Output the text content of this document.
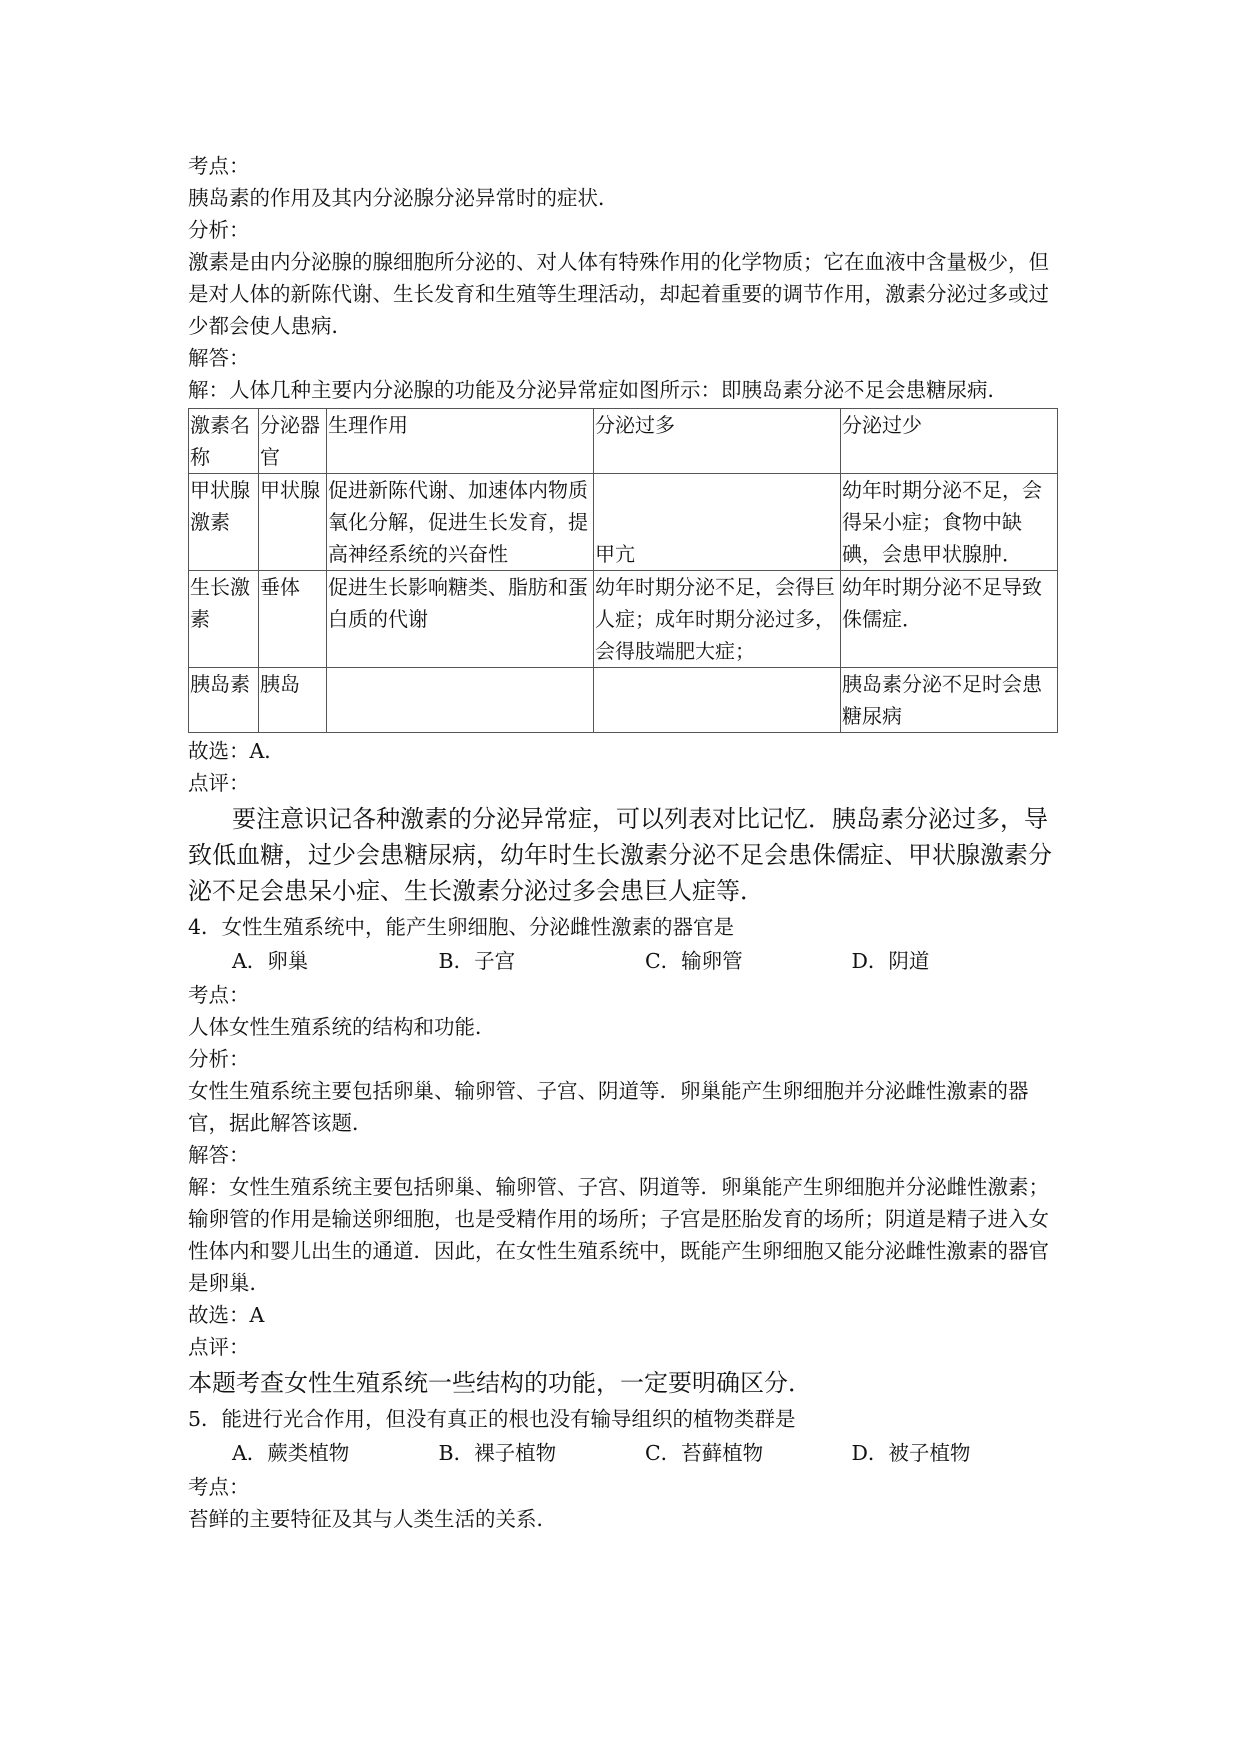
考点：

胰岛素的作用及其内分泌腺分泌异常时的症状．

分析：

激素是由内分泌腺的腺细胞所分泌的、对人体有特殊作用的化学物质；它在血液中含量极少，但是对人体的新陈代谢、生长发育和生殖等生理活动，却起着重要的调节作用，激素分泌过多或过少都会使人患病．

解答：

解：人体几种主要内分泌腺的功能及分泌异常症如图所示：即胰岛素分泌不足会患糖尿病．

激素名称	分泌器官	生理作用	分泌过多	分泌过少
甲状腺激素	甲状腺	促进新陈代谢、加速体内物质氧化分解，促进生长发育，提高神经系统的兴奋性	甲亢	幼年时期分泌不足，会得呆小症；食物中缺碘，会患甲状腺肿．
生长激素	垂体	促进生长影响糖类、脂肪和蛋白质的代谢	幼年时期分泌不足，会得巨人症；成年时期分泌过多，会得肢端肥大症；	幼年时期分泌不足导致侏儒症．
胰岛素	胰岛			胰岛素分泌不足时会患糖尿病

故选：A．

点评：

要注意识记各种激素的分泌异常症，可以列表对比记忆．胰岛素分泌过多，导致低血糖，过少会患糖尿病，幼年时生长激素分泌不足会患侏儒症、甲状腺激素分泌不足会患呆小症、生长激素分泌过多会患巨人症等．

4．女性生殖系统中，能产生卵细胞、分泌雌性激素的器官是

A．卵巢	B．子宫	C．输卵管	D．阴道

考点：

人体女性生殖系统的结构和功能．

分析：

女性生殖系统主要包括卵巢、输卵管、子宫、阴道等．卵巢能产生卵细胞并分泌雌性激素的器官，据此解答该题．

解答：

解：女性生殖系统主要包括卵巢、输卵管、子宫、阴道等．卵巢能产生卵细胞并分泌雌性激素；输卵管的作用是输送卵细胞，也是受精作用的场所；子宫是胚胎发育的场所；阴道是精子进入女性体内和婴儿出生的通道．因此，在女性生殖系统中，既能产生卵细胞又能分泌雌性激素的器官是卵巢．

故选：A

点评：

本题考查女性生殖系统一些结构的功能，一定要明确区分．

5．能进行光合作用，但没有真正的根也没有输导组织的植物类群是

A．蕨类植物	B．裸子植物	C．苔藓植物	D．被子植物

考点：

苔鲜的主要特征及其与人类生活的关系．
